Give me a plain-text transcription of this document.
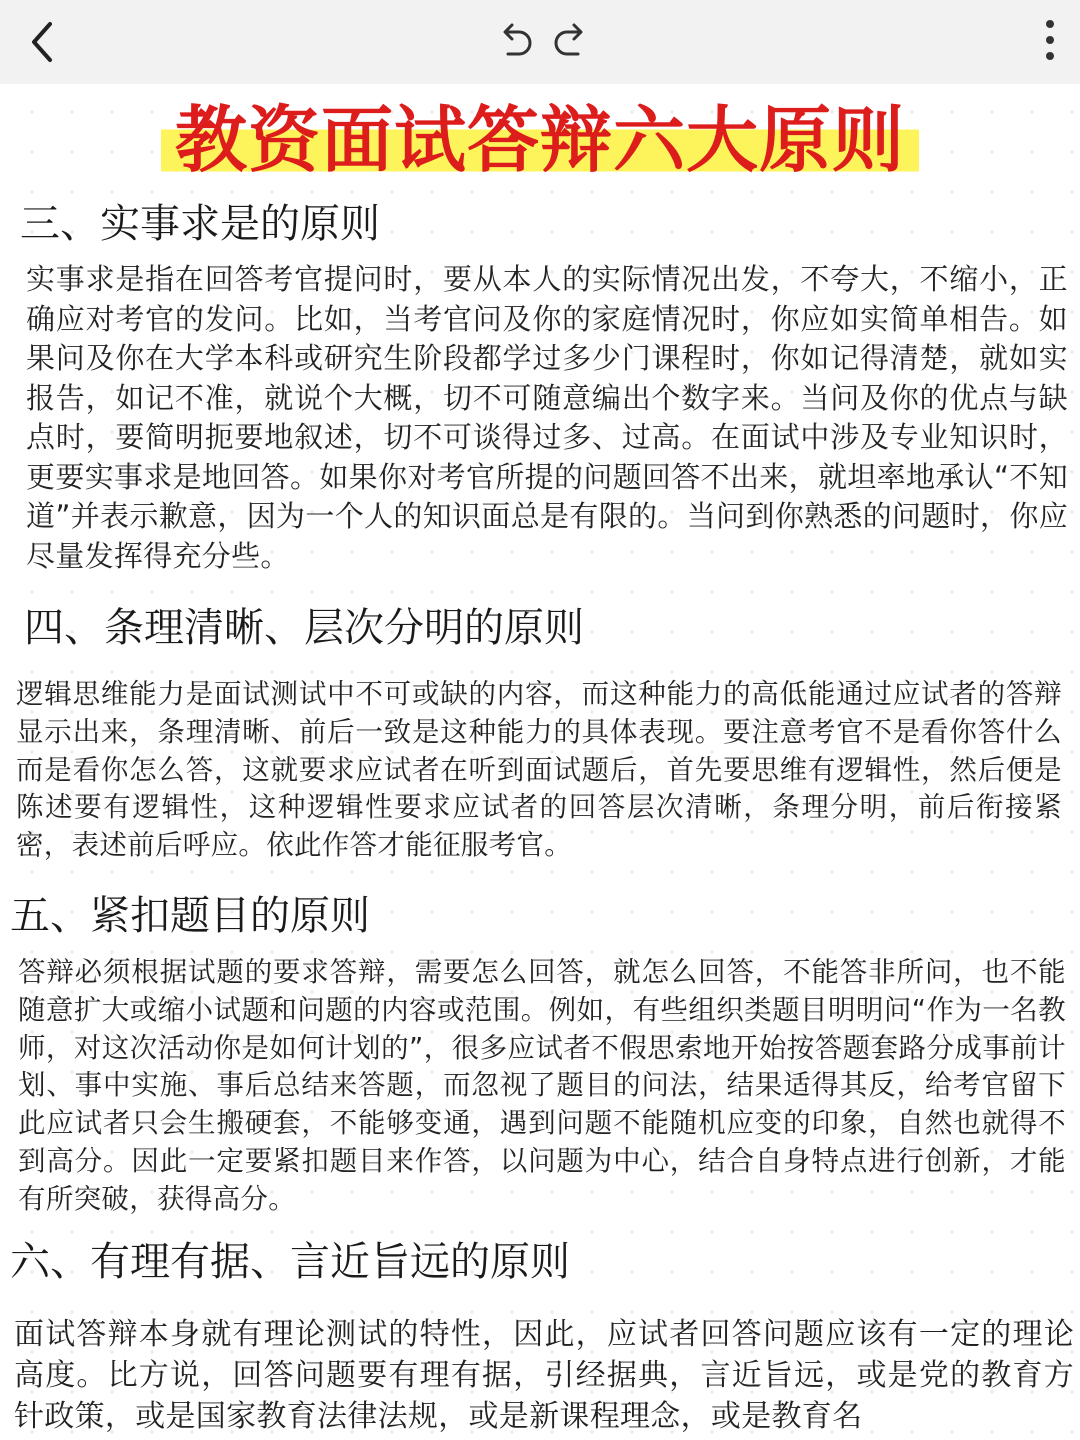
教资面试答辩六大原则
三、实事求是的原则

实事求是指在回答考官提问时，要从本人的实际情况出发，不夸大，不缩小，正确应对考官的发问。比如，当考官问及你的家庭情况时，你应如实简单相告。如果问及你在大学本科或研究生阶段都学过多少门课程时，你如记得清楚，就如实报告，如记不准，就说个大概，切不可随意编出个数字来。当问及你的优点与缺点时，要简明扼要地叙述，切不可谈得过多、过高。在面试中涉及专业知识时，更要实事求是地回答。如果你对考官所提的问题回答不出来，就坦率地承认“不知道”并表示歉意，因为一个人的知识面总是有限的。当问到你熟悉的问题时，你应尽量发挥得充分些。

四、条理清晰、层次分明的原则

逻辑思维能力是面试测试中不可或缺的内容，而这种能力的高低能通过应试者的答辩显示出来，条理清晰、前后一致是这种能力的具体表现。要注意考官不是看你答什么而是看你怎么答，这就要求应试者在听到面试题后，首先要思维有逻辑性，然后便是陈述要有逻辑性，这种逻辑性要求应试者的回答层次清晰，条理分明，前后衔接紧密，表述前后呼应。依此作答才能征服考官。

五、紧扣题目的原则

答辩必须根据试题的要求答辩，需要怎么回答，就怎么回答，不能答非所问，也不能随意扩大或缩小试题和问题的内容或范围。例如，有些组织类题目明明问“作为一名教师，对这次活动你是如何计划的”，很多应试者不假思索地开始按答题套路分成事前计划、事中实施、事后总结来答题，而忽视了题目的问法，结果适得其反，给考官留下此应试者只会生搬硬套，不能够变通，遇到问题不能随机应变的印象，自然也就得不到高分。因此一定要紧扣题目来作答，以问题为中心，结合自身特点进行创新，才能有所突破，获得高分。

六、有理有据、言近旨远的原则

面试答辩本身就有理论测试的特性，因此，应试者回答问题应该有一定的理论高度。比方说，回答问题要有理有据，引经据典，言近旨远，或是党的教育方针政策，或是国家教育法律法规，或是新课程理念，或是教育名
